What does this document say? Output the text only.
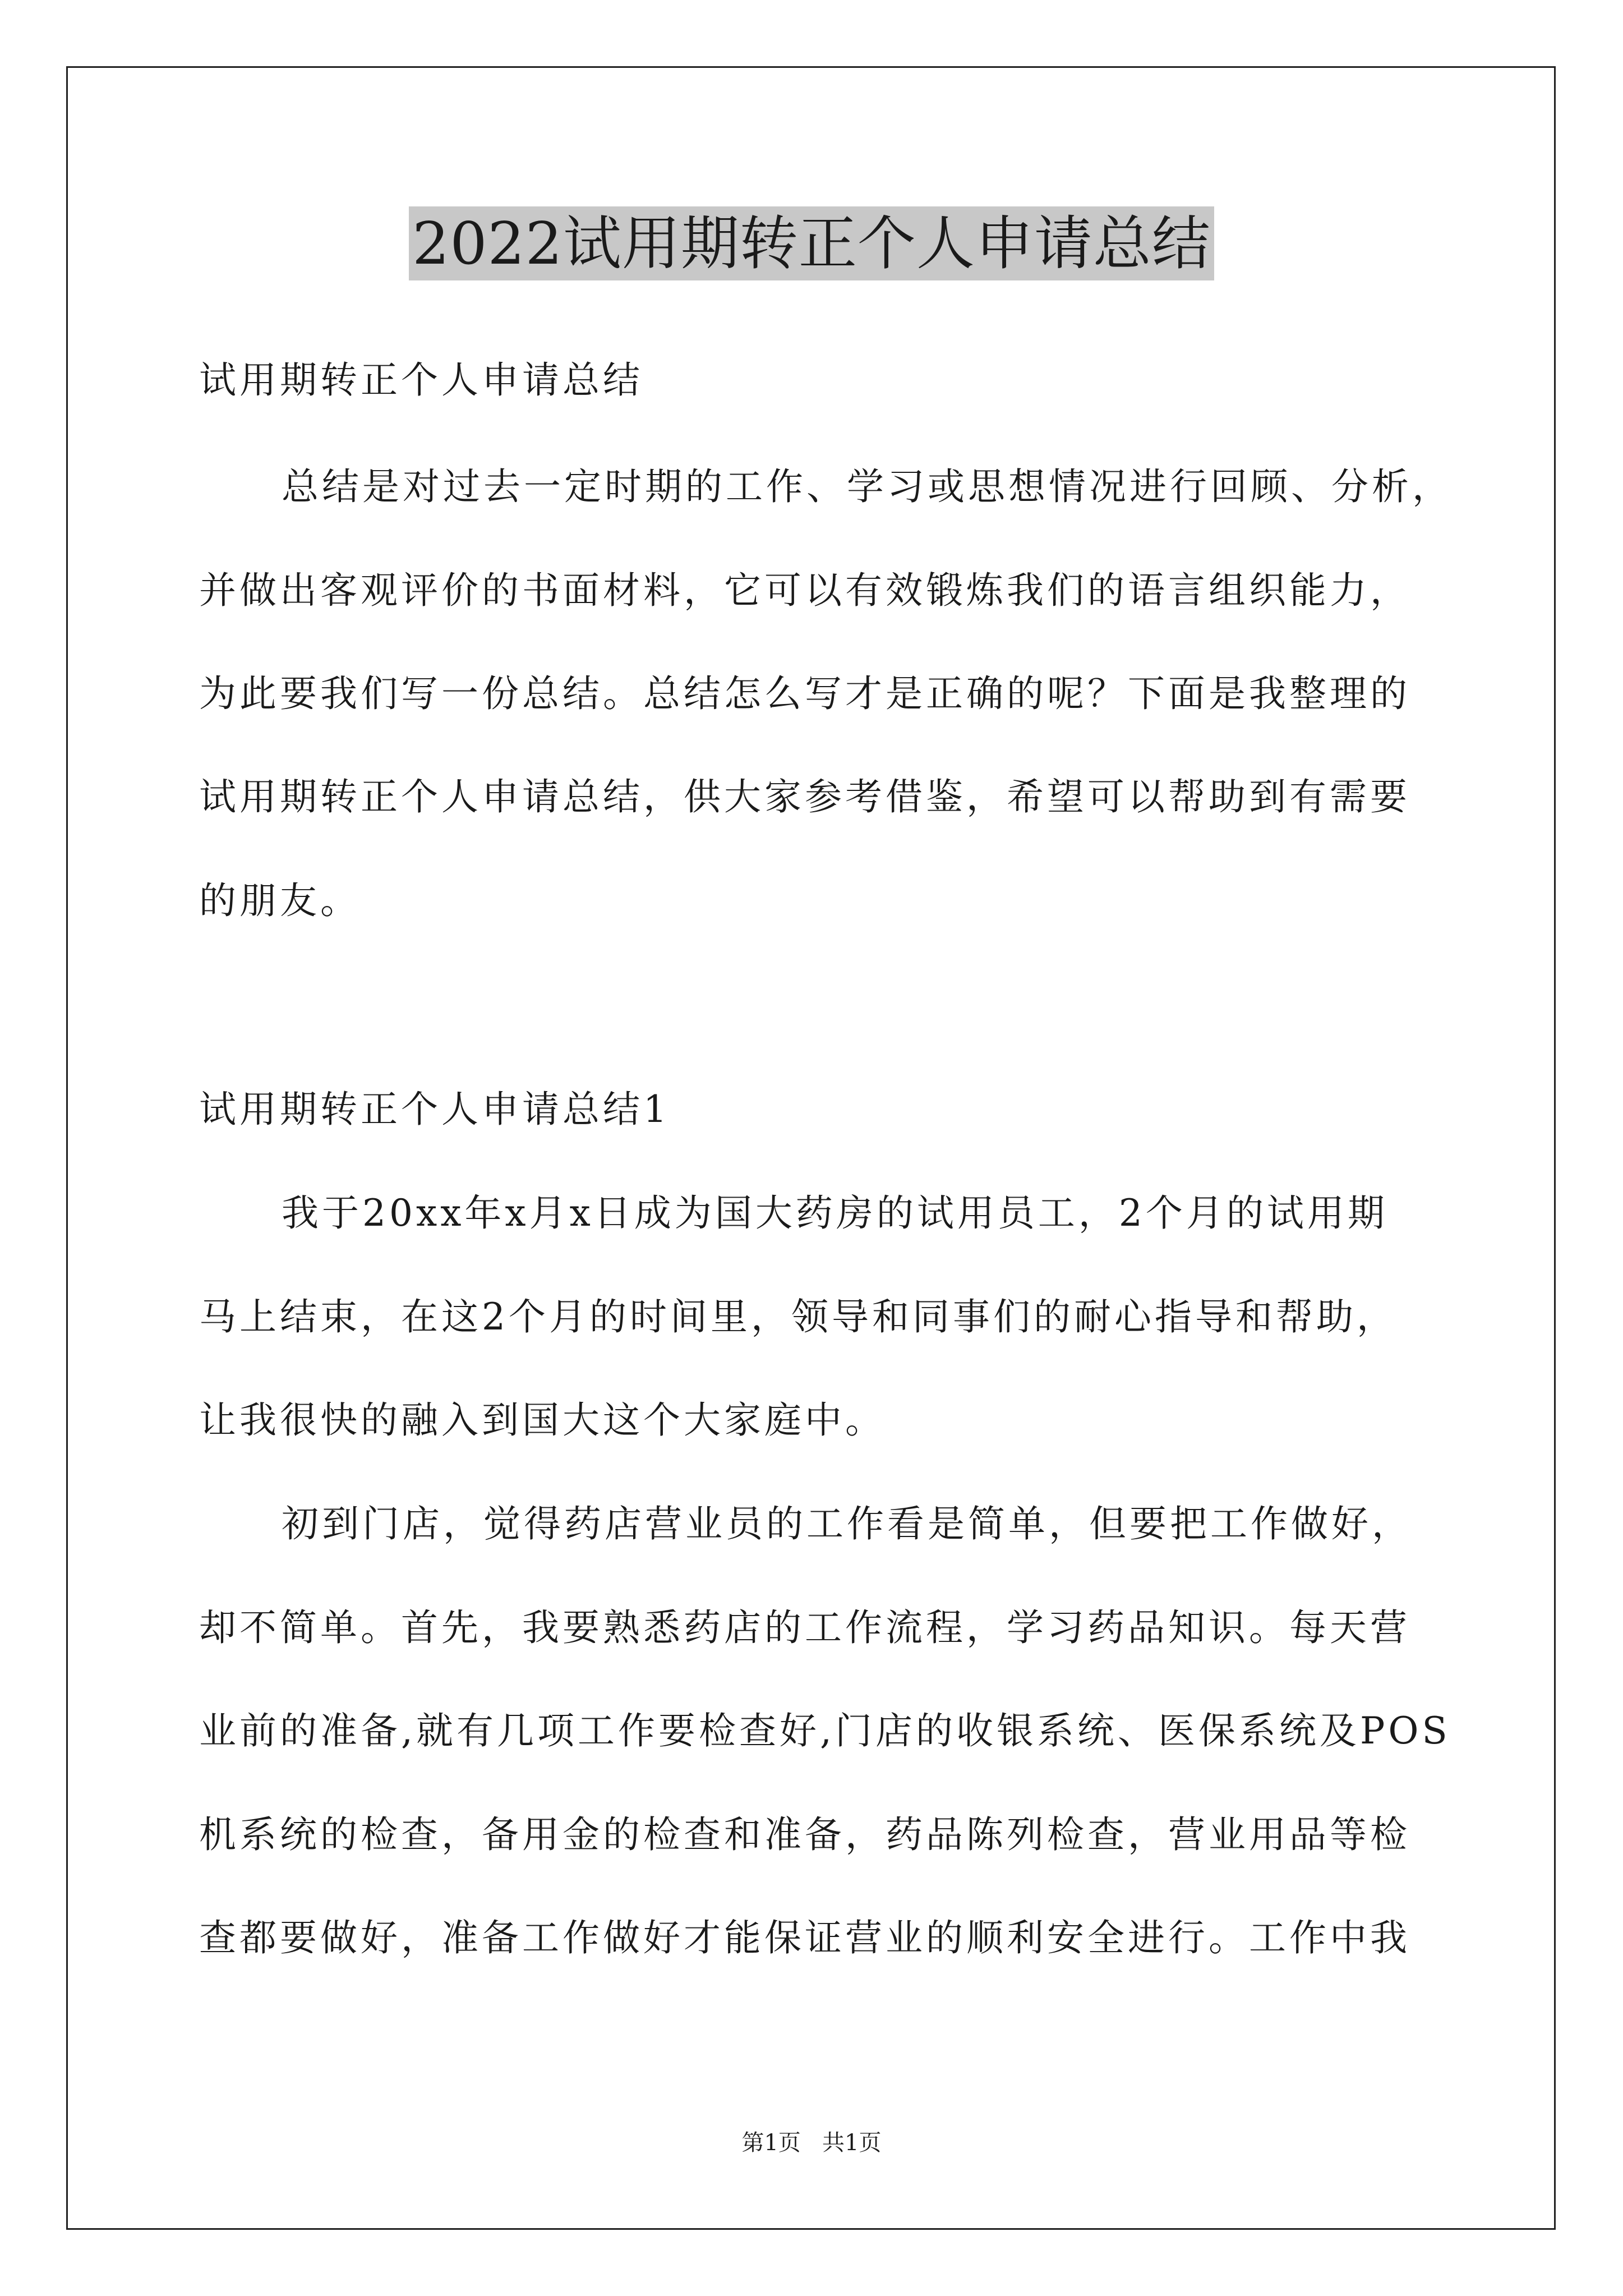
2022试用期转正个人申请总结
试用期转正个人申请总结
总结是对过去一定时期的工作、学习或思想情况进行回顾、分析，
并做出客观评价的书面材料，它可以有效锻炼我们的语言组织能力，
为此要我们写一份总结。总结怎么写才是正确的呢？下面是我整理的
试用期转正个人申请总结，供大家参考借鉴，希望可以帮助到有需要
的朋友。
试用期转正个人申请总结1
我于20xx年x月x日成为国大药房的试用员工，2个月的试用期
马上结束，在这2个月的时间里，领导和同事们的耐心指导和帮助，
让我很快的融入到国大这个大家庭中。
初到门店，觉得药店营业员的工作看是简单，但要把工作做好，
却不简单。首先，我要熟悉药店的工作流程，学习药品知识。每天营
业前的准备,就有几项工作要检查好,门店的收银系统、医保系统及POS
机系统的检查，备用金的检查和准备，药品陈列检查，营业用品等检
查都要做好，准备工作做好才能保证营业的顺利安全进行。工作中我
第1页   共1页
